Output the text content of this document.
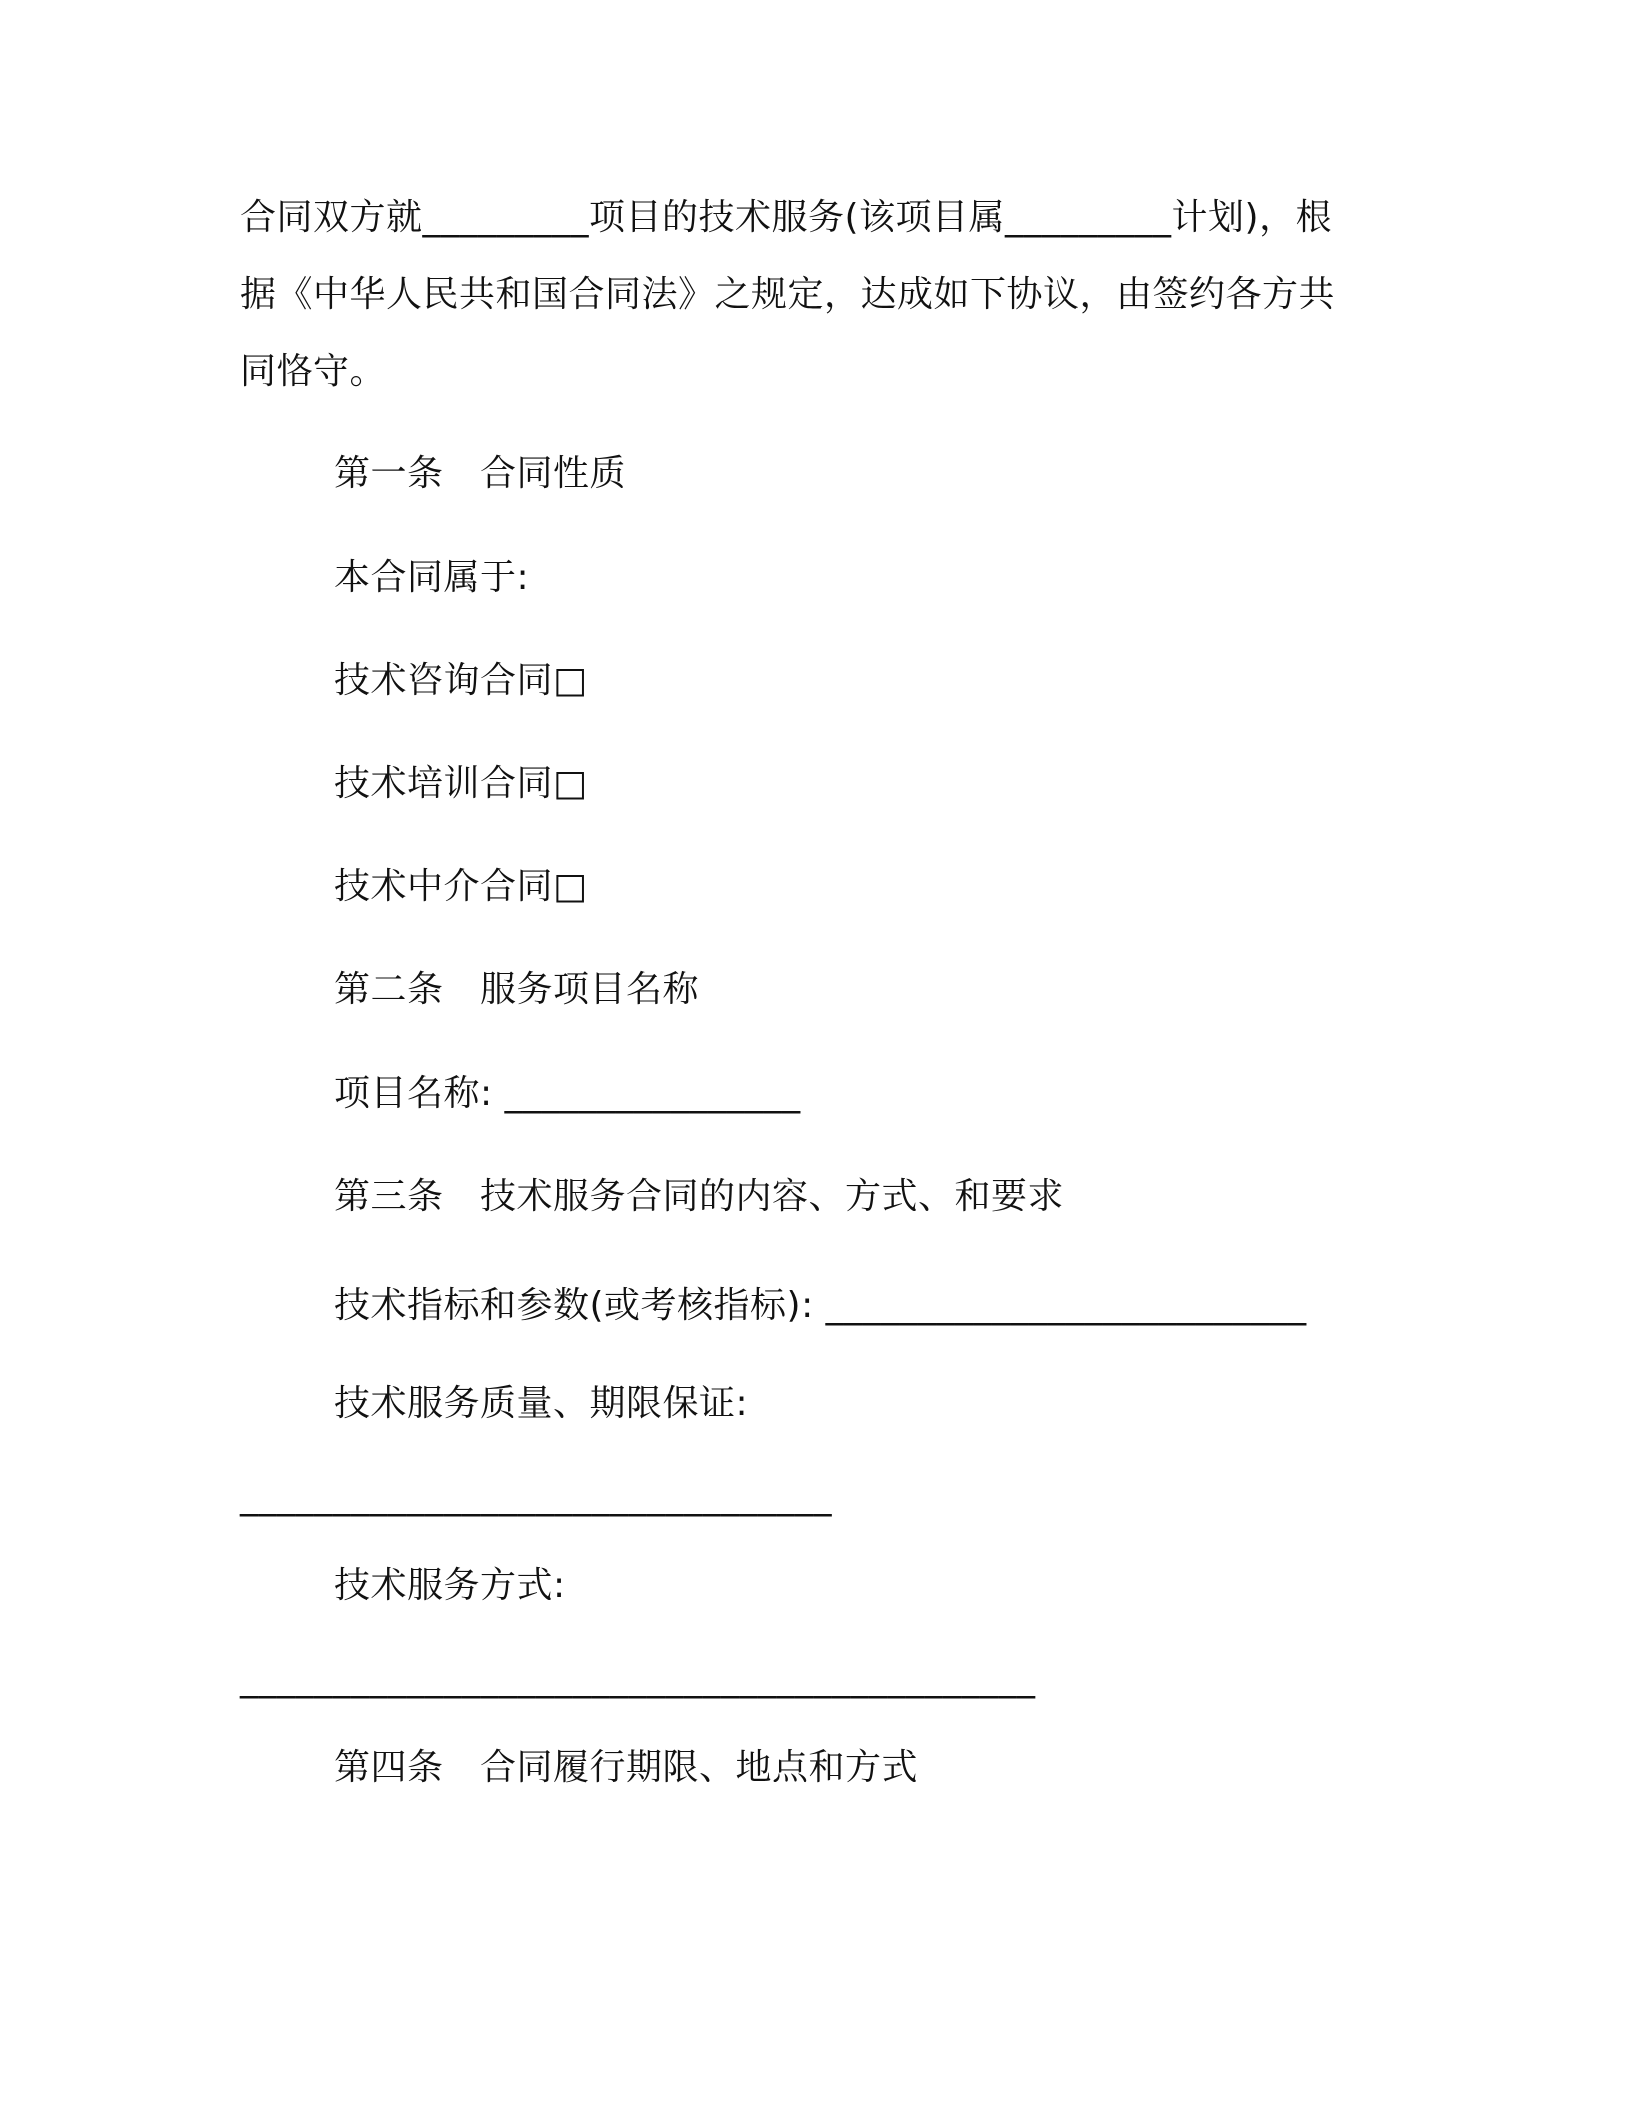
合同双方就_________项目的技术服务(该项目属_________计划)，根
据《中华人民共和国合同法》之规定，达成如下协议，由签约各方共
同恪守。
第一条　合同性质
本合同属于:
技术咨询合同□
技术培训合同□
技术中介合同□
第二条　服务项目名称
项目名称: ________________
第三条　技术服务合同的内容、方式、和要求
技术指标和参数(或考核指标): __________________________
技术服务质量、期限保证:
________________________________
技术服务方式:
___________________________________________
第四条　合同履行期限、地点和方式
